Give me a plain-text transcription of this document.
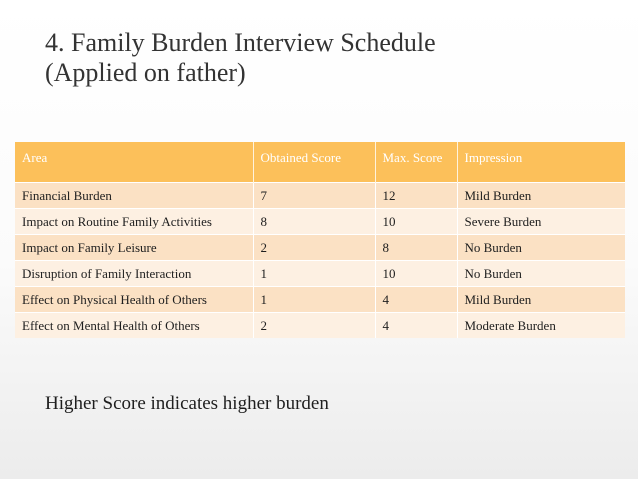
4. Family Burden Interview Schedule
(Applied on father)
Area	Obtained Score	Max. Score	Impression
Financial Burden	7	12	Mild Burden
Impact on Routine Family Activities	8	10	Severe Burden
Impact on Family Leisure	2	8	No Burden
Disruption of Family Interaction	1	10	No Burden
Effect on Physical Health of Others	1	4	Mild Burden
Effect on Mental Health of Others	2	4	Moderate Burden

Higher Score indicates higher burden
